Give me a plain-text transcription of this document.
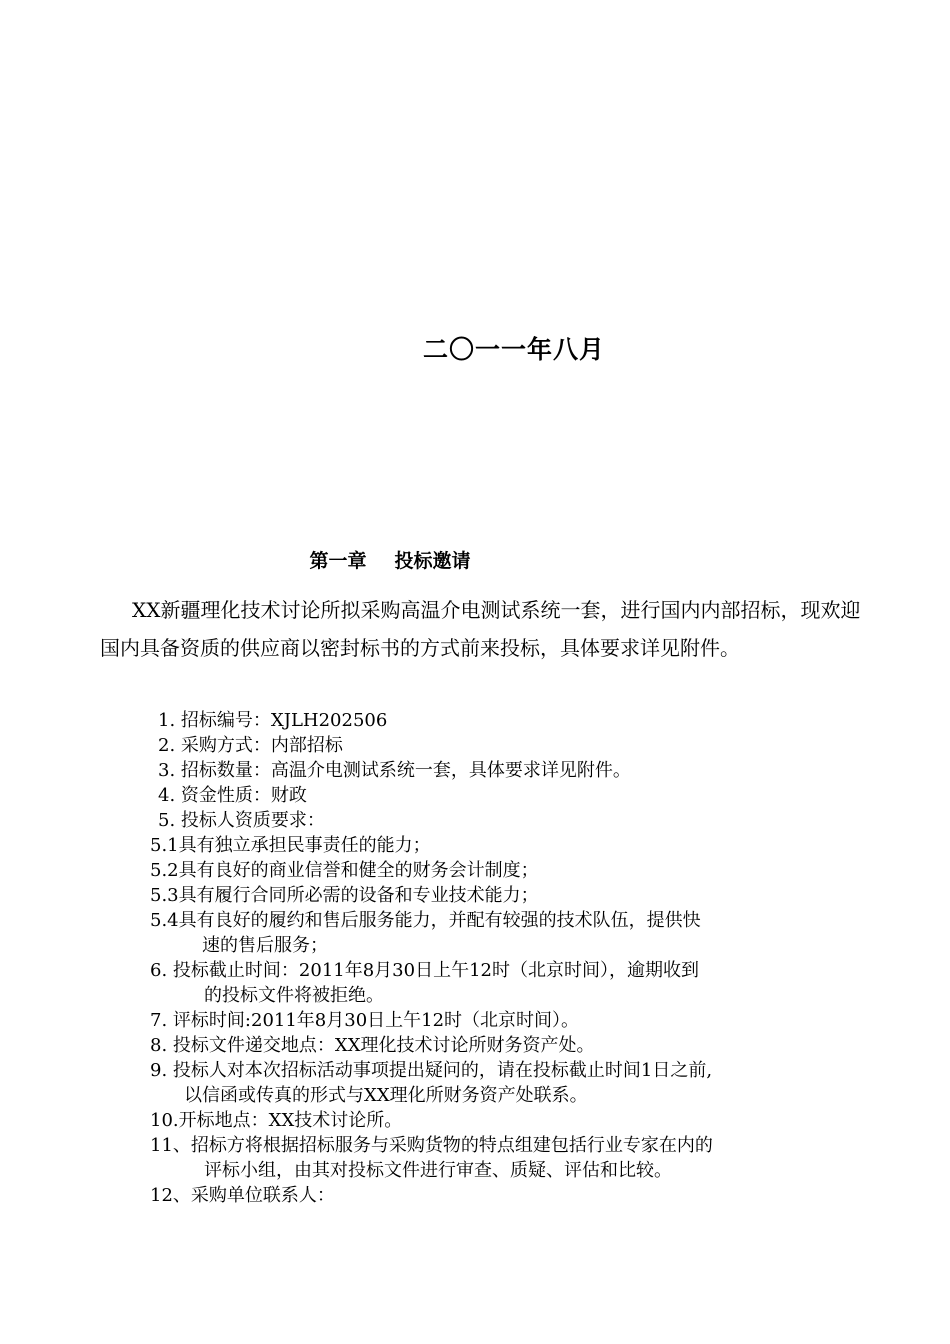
二〇一一年八月
第一章 投标邀请

XX新疆理化技术讨论所拟采购高温介电测试系统一套，进行国内内部招标，现欢迎国内具备资质的供应商以密封标书的方式前来投标，具体要求详见附件。

1. 招标编号：XJLH202506
2. 采购方式：内部招标
3. 招标数量：高温介电测试系统一套，具体要求详见附件。
4. 资金性质：财政
5. 投标人资质要求：
5.1具有独立承担民事责任的能力；
5.2具有良好的商业信誉和健全的财务会计制度；
5.3具有履行合同所必需的设备和专业技术能力；
5.4具有良好的履约和售后服务能力，并配有较强的技术队伍，提供快
速的售后服务；
6. 投标截止时间：2011年8月30日上午12时（北京时间），逾期收到
的投标文件将被拒绝。
7. 评标时间:2011年8月30日上午12时（北京时间）。
8. 投标文件递交地点：XX理化技术讨论所财务资产处。
9. 投标人对本次招标活动事项提出疑问的，请在投标截止时间1日之前,
以信函或传真的形式与XX理化所财务资产处联系。
10.开标地点：XX技术讨论所。
11、招标方将根据招标服务与采购货物的特点组建包括行业专家在内的
评标小组，由其对投标文件进行审查、质疑、评估和比较。
12、采购单位联系人：
